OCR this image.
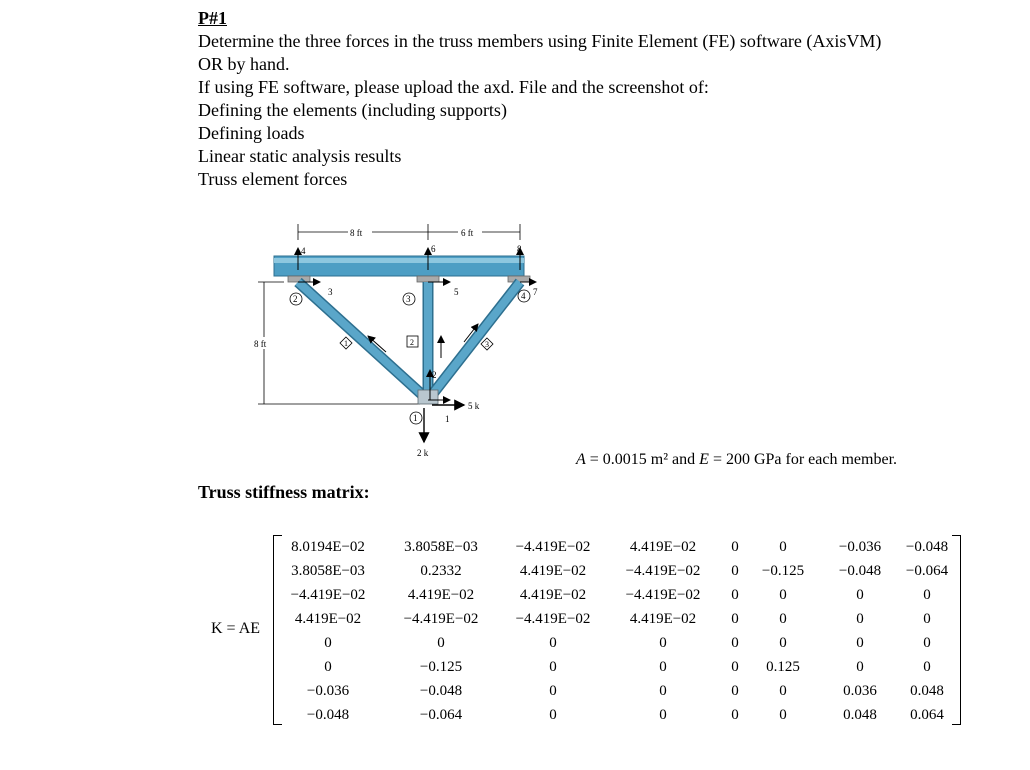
P#1
Determine the three forces in the truss members using Finite Element (FE) software (AxisVM)
OR by hand.
If using FE software, please upload the axd. File and the screenshot of:
Defining the elements (including supports)
Defining loads
Linear static analysis results
Truss element forces
8 ft	6 ft
8 ft
5 k
2 k
1
2	3	4
1	2	3
1
2
3
4
5
6
7
8
A = 0.0015 m² and E = 200 GPa for each member.
Truss stiffness matrix:
K = AE
8.0194E−02	3.8058E−03	−4.419E−02	4.419E−02	0	0	−0.036	−0.048
3.8058E−03	0.2332	4.419E−02	−4.419E−02	0	−0.125	−0.048	−0.064
−4.419E−02	4.419E−02	4.419E−02	−4.419E−02	0	0	0	0
4.419E−02	−4.419E−02	−4.419E−02	4.419E−02	0	0	0	0
0	0	0	0	0	0	0	0
0	−0.125	0	0	0	0.125	0	0
−0.036	−0.048	0	0	0	0	0.036	0.048
−0.048	−0.064	0	0	0	0	0.048	0.064
